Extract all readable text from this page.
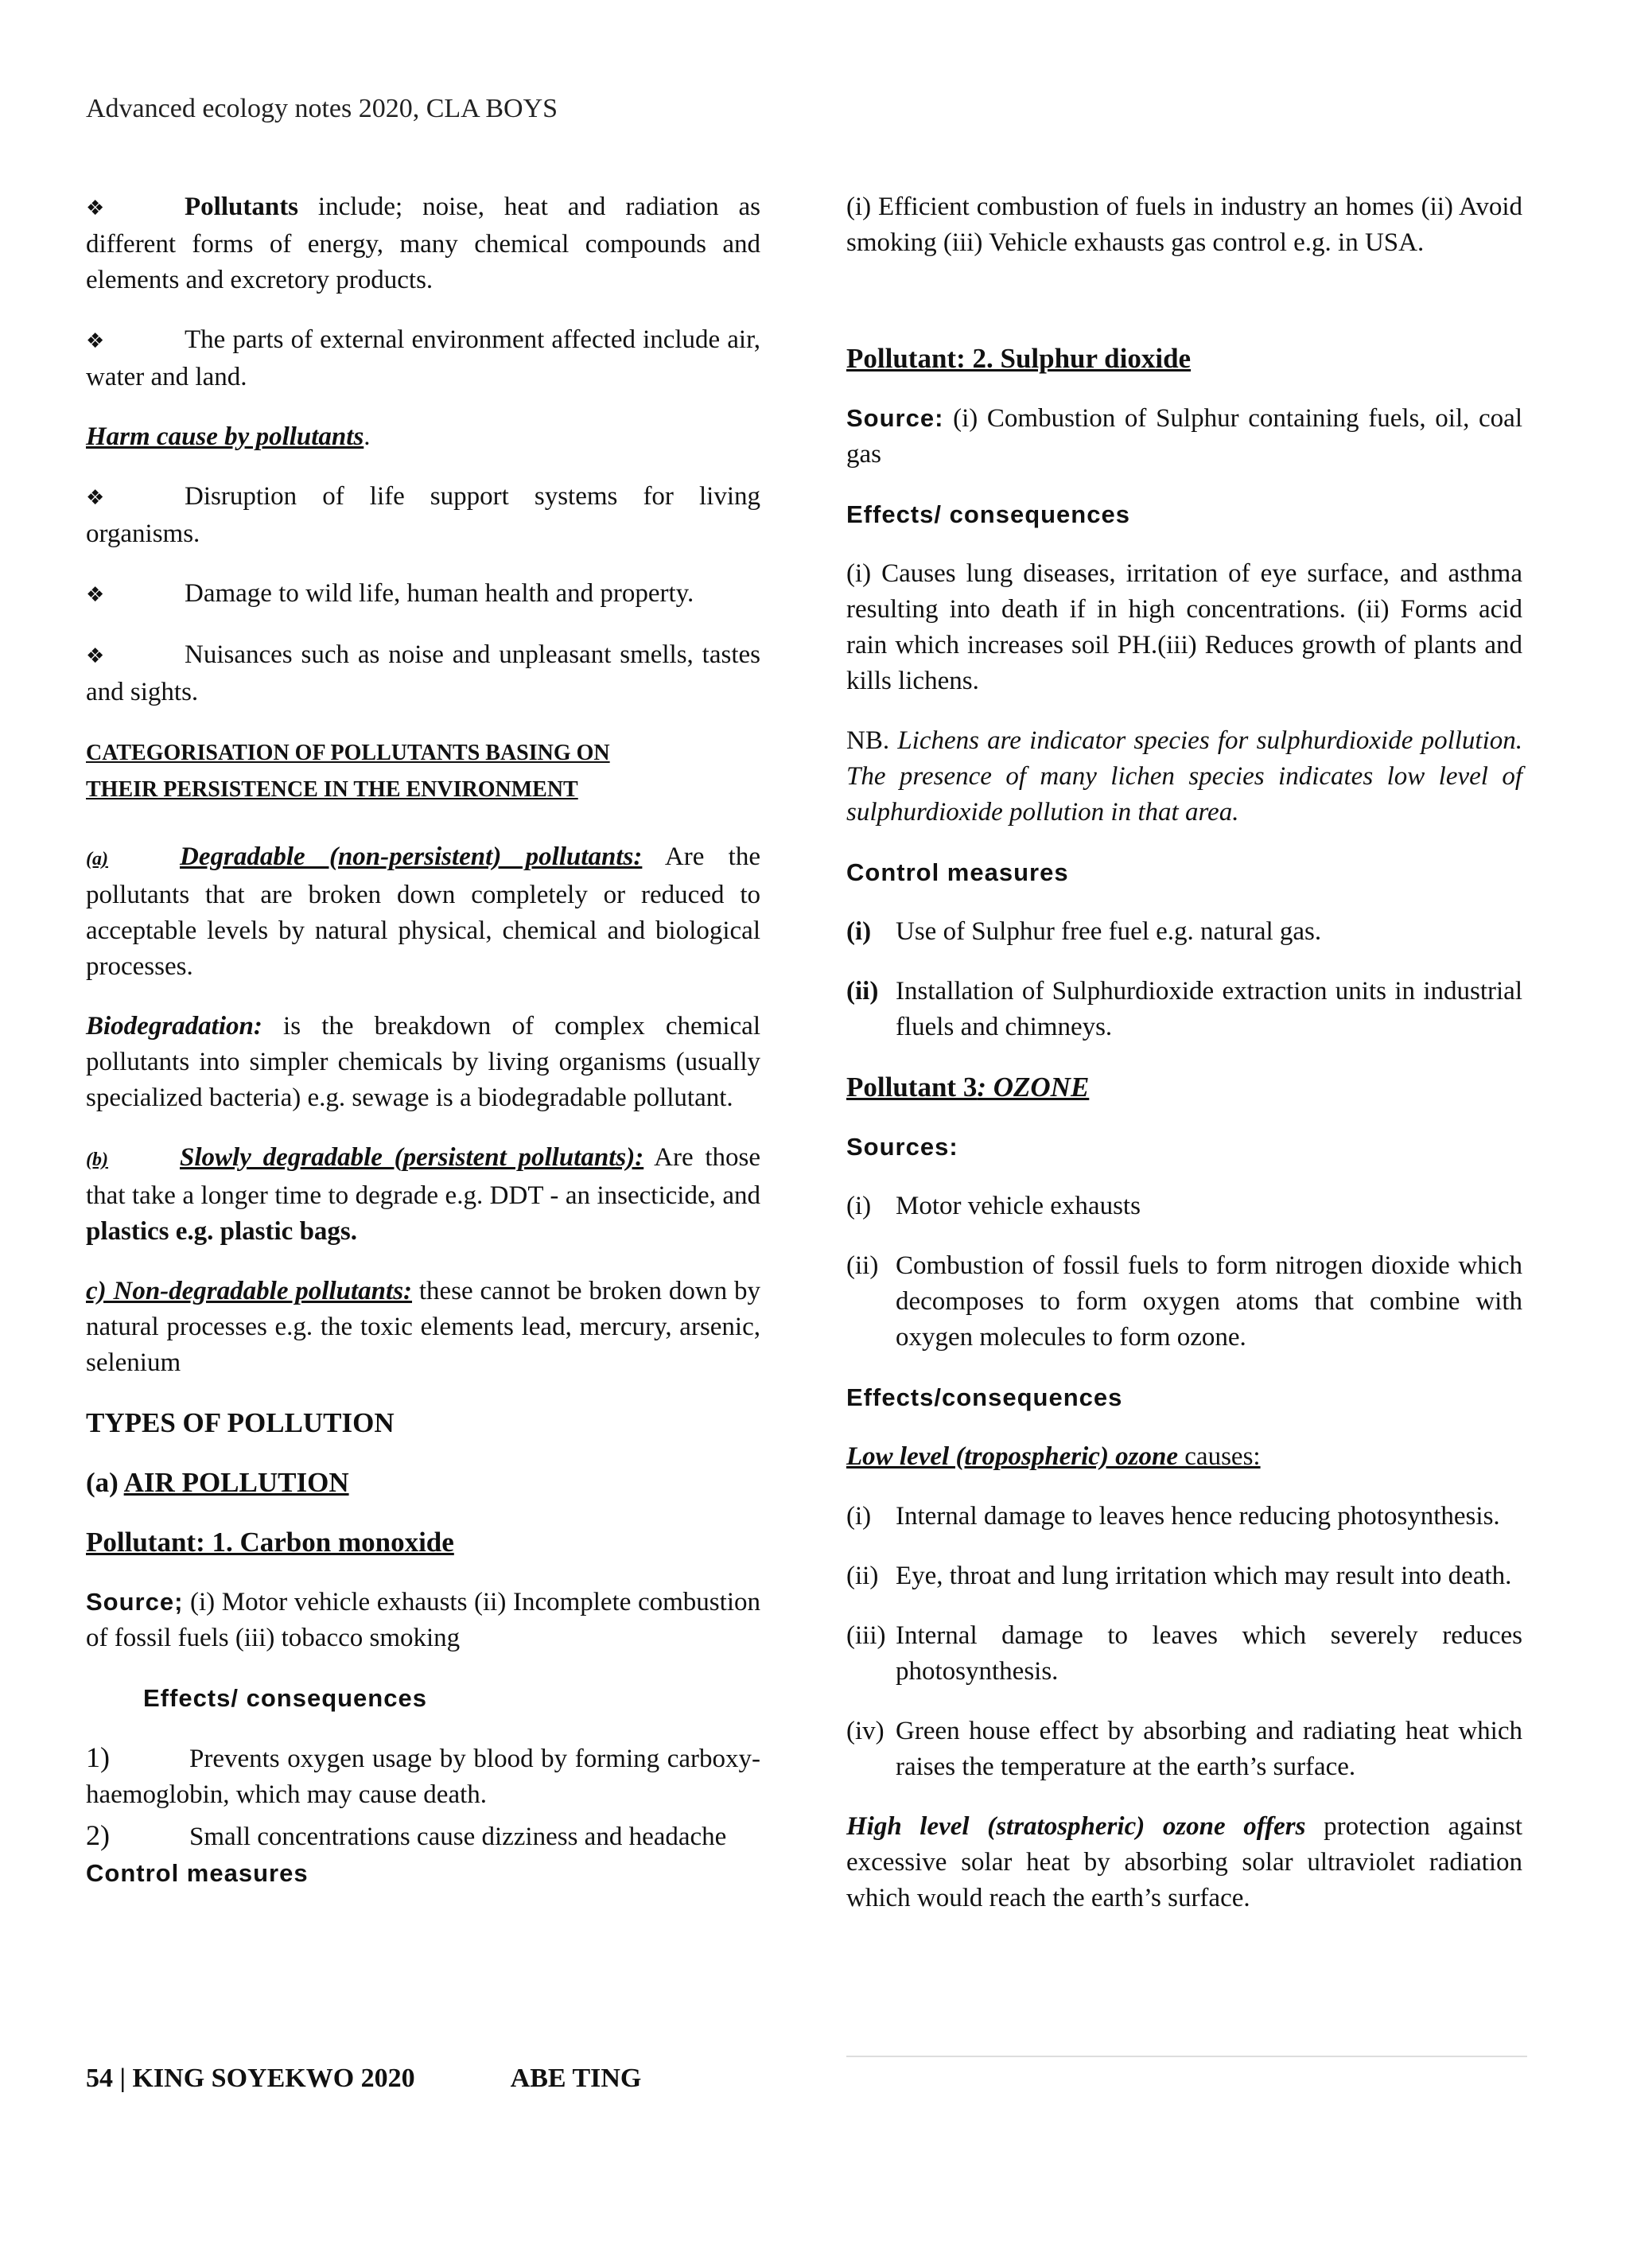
Advanced ecology notes 2020, CLA BOYS

❖	Pollutants include; noise, heat and radiation as different forms of energy, many chemical compounds and elements and excretory products.

❖	The parts of external environment affected include air, water and land.

Harm cause by pollutants.

❖	Disruption of life support systems for living organisms.

❖	Damage to wild life, human health and property.

❖	Nuisances such as noise and unpleasant smells, tastes and sights.

CATEGORISATION OF POLLUTANTS BASING ON
THEIR PERSISTENCE IN THE ENVIRONMENT

(a)	Degradable (non-persistent) pollutants: Are the pollutants that are broken down completely or reduced to acceptable levels by natural physical, chemical and biological processes.

Biodegradation: is the breakdown of complex chemical pollutants into simpler chemicals by living organisms (usually specialized bacteria) e.g. sewage is a biodegradable pollutant.

(b)	Slowly degradable (persistent pollutants): Are those that take a longer time to degrade e.g. DDT - an insecticide, and plastics e.g. plastic bags.

c) Non-degradable pollutants: these cannot be broken down by natural processes e.g. the toxic elements lead, mercury, arsenic, selenium

TYPES OF POLLUTION

(a) AIR POLLUTION

Pollutant: 1. Carbon monoxide

Source; (i) Motor vehicle exhausts (ii) Incomplete combustion of fossil fuels (iii) tobacco smoking

Effects/ consequences

1)	Prevents oxygen usage by blood by forming carboxy-haemoglobin, which may cause death.
2)	Small concentrations cause dizziness and headache
Control measures

(i) Efficient combustion of fuels in industry an homes (ii) Avoid smoking (iii) Vehicle exhausts gas control e.g. in USA.

Pollutant: 2. Sulphur dioxide

Source: (i) Combustion of Sulphur containing fuels, oil, coal gas

Effects/ consequences

(i) Causes lung diseases, irritation of eye surface, and asthma resulting into death if in high concentrations. (ii) Forms acid rain which increases soil PH.(iii) Reduces growth of plants and kills lichens.

NB. Lichens are indicator species for sulphurdioxide pollution. The presence of many lichen species indicates low level of sulphurdioxide pollution in that area.

Control measures

(i) Use of Sulphur free fuel e.g. natural gas.
(ii) Installation of Sulphurdioxide extraction units in industrial fluels and chimneys.

Pollutant 3: OZONE

Sources:

(i) Motor vehicle exhausts
(ii) Combustion of fossil fuels to form nitrogen dioxide which decomposes to form oxygen atoms that combine with oxygen molecules to form ozone.

Effects/consequences

Low level (tropospheric) ozone causes:

(i) Internal damage to leaves hence reducing photosynthesis.
(ii) Eye, throat and lung irritation which may result into death.
(iii) Internal damage to leaves which severely reduces photosynthesis.
(iv) Green house effect by absorbing and radiating heat which raises the temperature at the earth’s surface.

High level (stratospheric) ozone offers protection against excessive solar heat by absorbing solar ultraviolet radiation which would reach the earth’s surface.

54 | KING SOYEKWO 2020	ABE TING
